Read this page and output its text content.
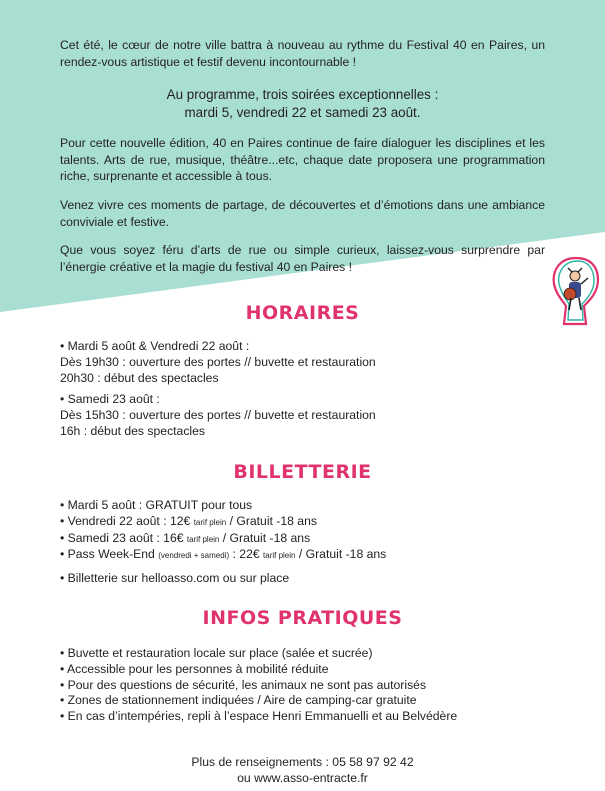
Cet été, le cœur de notre ville battra à nouveau au rythme du Festival 40 en Paires, un rendez-vous artistique et festif devenu incontournable !

Au programme, trois soirées exceptionnelles :
mardi 5, vendredi 22 et samedi 23 août.

Pour cette nouvelle édition, 40 en Paires continue de faire dialoguer les disciplines et les talents. Arts de rue, musique, théâtre...etc, chaque date proposera une programmation riche, surprenante et accessible à tous.

Venez vivre ces moments de partage, de découvertes et d’émotions dans une ambiance conviviale et festive.

Que vous soyez féru d’arts de rue ou simple curieux, laissez-vous surprendre par l’énergie créative et la magie du festival 40 en Paires !

HORAIRES
• Mardi 5 août & Vendredi 22 août :
Dès 19h30 : ouverture des portes // buvette et restauration
20h30 : début des spectacles
• Samedi 23 août :
Dès 15h30 : ouverture des portes // buvette et restauration
16h : début des spectacles
BILLETTERIE
• Mardi 5 août : GRATUIT pour tous
• Vendredi 22 août : 12€ tarif plein / Gratuit -18 ans
• Samedi 23 août : 16€ tarif plein / Gratuit -18 ans
• Pass Week-End (vendredi + samedi) : 22€ tarif plein / Gratuit -18 ans
• Billetterie sur helloasso.com ou sur place
INFOS PRATIQUES
• Buvette et restauration locale sur place (salée et sucrée)
• Accessible pour les personnes à mobilité réduite
• Pour des questions de sécurité, les animaux ne sont pas autorisés
• Zones de stationnement indiquées / Aire de camping-car gratuite
• En cas d’intempéries, repli à l’espace Henri Emmanuelli et au Belvédère
Plus de renseignements : 05 58 97 92 42
ou www.asso-entracte.fr
